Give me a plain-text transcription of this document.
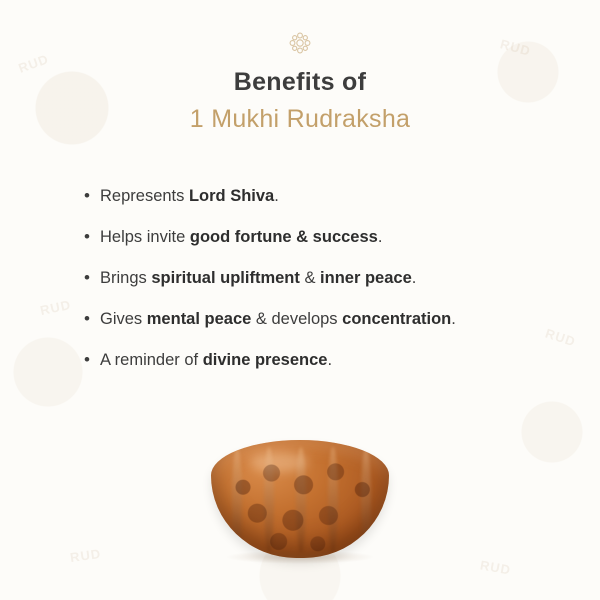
RUD
RUD
RUD
RUD
RUD
RUD
Benefits of
1 Mukhi Rudraksha
• Represents Lord Shiva.
• Helps invite good fortune & success.
• Brings spiritual upliftment & inner peace.
• Gives mental peace & develops concentration.
• A reminder of divine presence.
